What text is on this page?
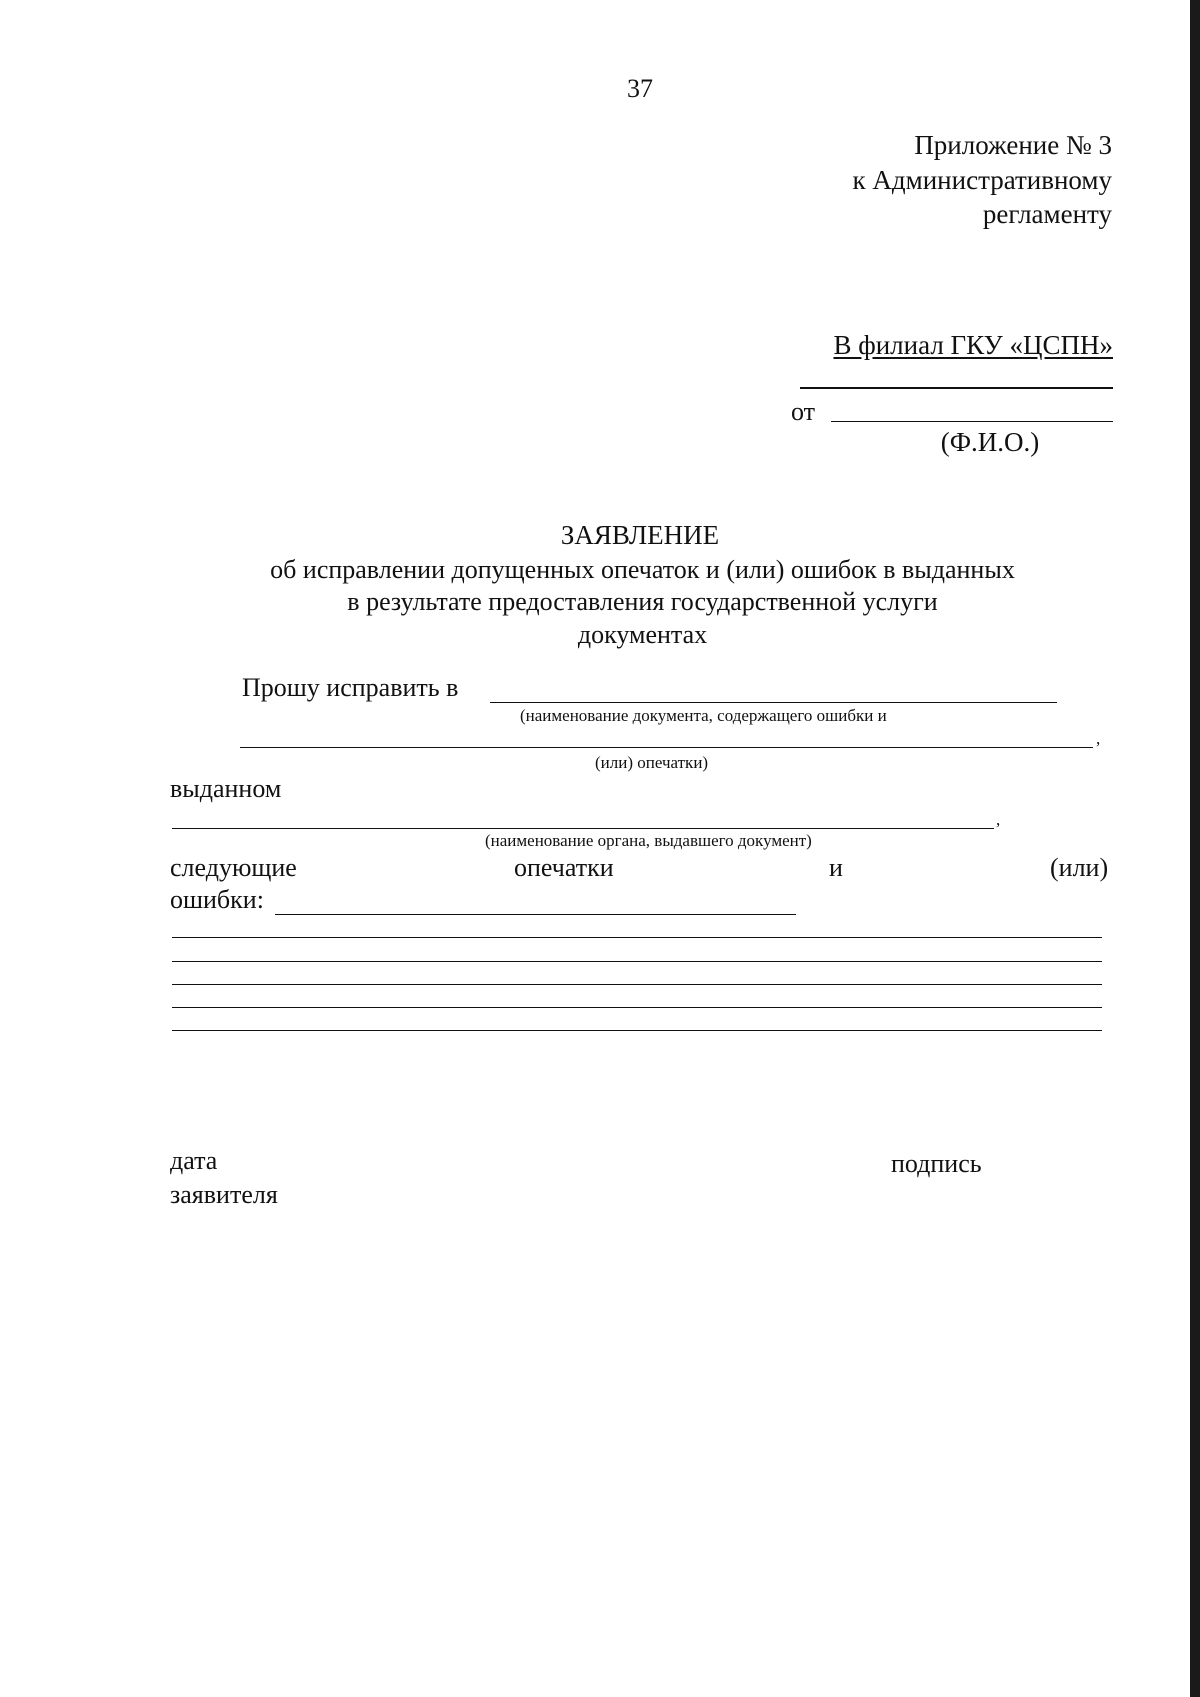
37
Приложение № 3
к Административному
регламенту
В филиал ГКУ «ЦСПН»
от
(Ф.И.О.)
ЗАЯВЛЕНИЕ
об исправлении допущенных опечаток и (или) ошибок в выданных
в результате предоставления государственной услуги
документах
Прошу исправить в
(наименование документа, содержащего ошибки и
,
(или) опечатки)
выданном
,
(наименование органа, выдавшего документ)
следующие	опечатки	и	(или)
ошибки:
дата
заявителя
подпись
